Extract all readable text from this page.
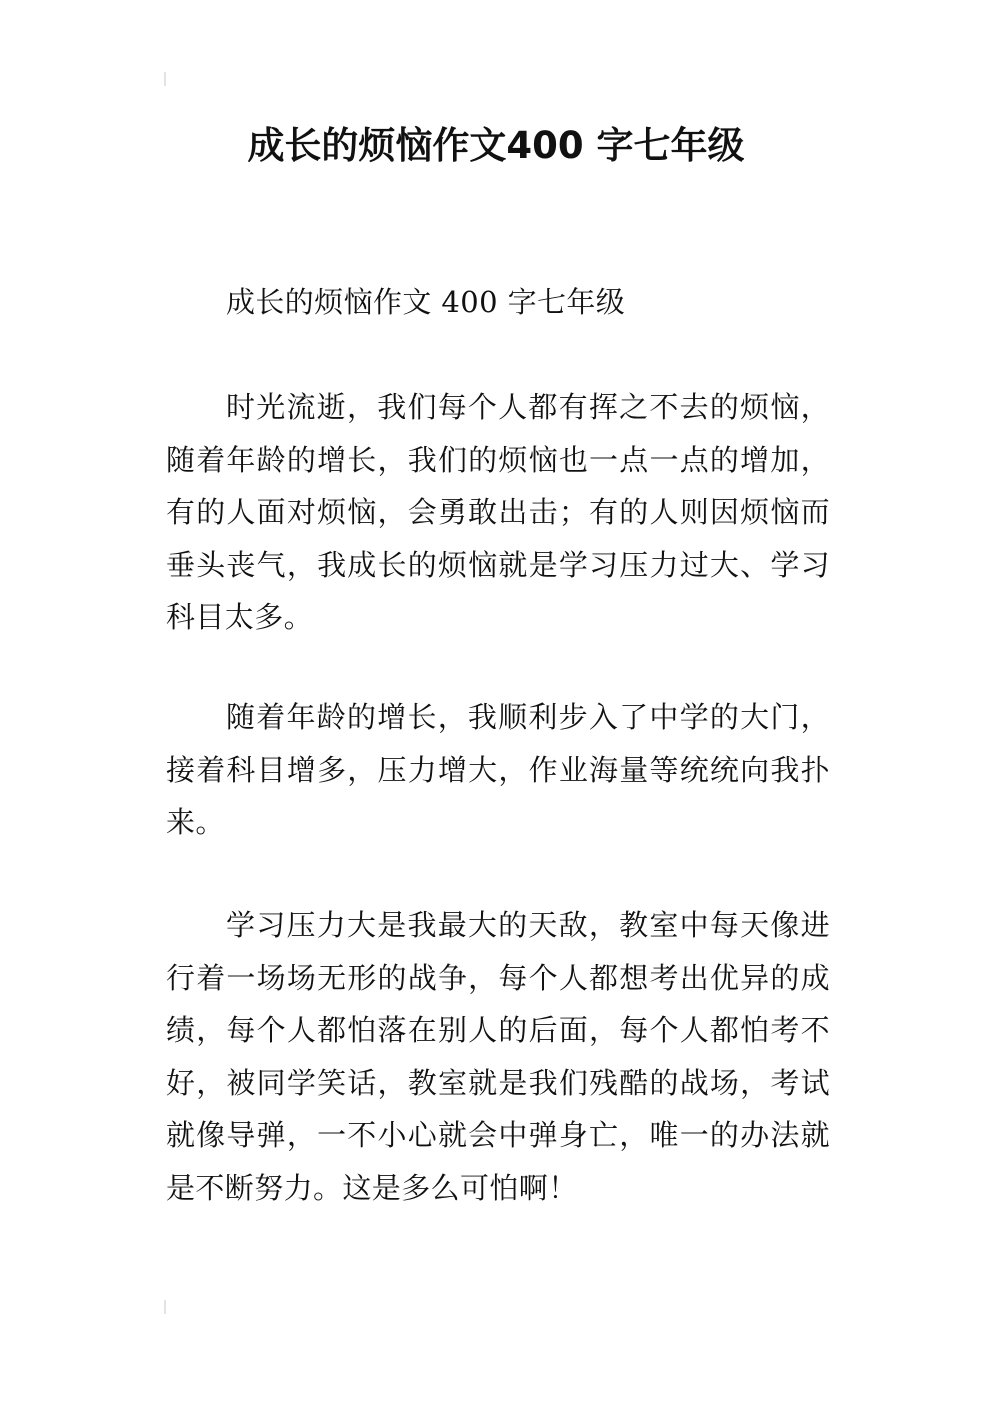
成长的烦恼作文400 字七年级

成长的烦恼作文 400 字七年级

时光流逝，我们每个人都有挥之不去的烦恼，随着年龄的增长，我们的烦恼也一点一点的增加，有的人面对烦恼，会勇敢出击；有的人则因烦恼而垂头丧气，我成长的烦恼就是学习压力过大、学习科目太多。

随着年龄的增长，我顺利步入了中学的大门，接着科目增多，压力增大，作业海量等统统向我扑来。

学习压力大是我最大的天敌，教室中每天像进行着一场场无形的战争，每个人都想考出优异的成绩，每个人都怕落在别人的后面，每个人都怕考不好，被同学笑话，教室就是我们残酷的战场，考试就像导弹，一不小心就会中弹身亡，唯一的办法就是不断努力。这是多么可怕啊！
